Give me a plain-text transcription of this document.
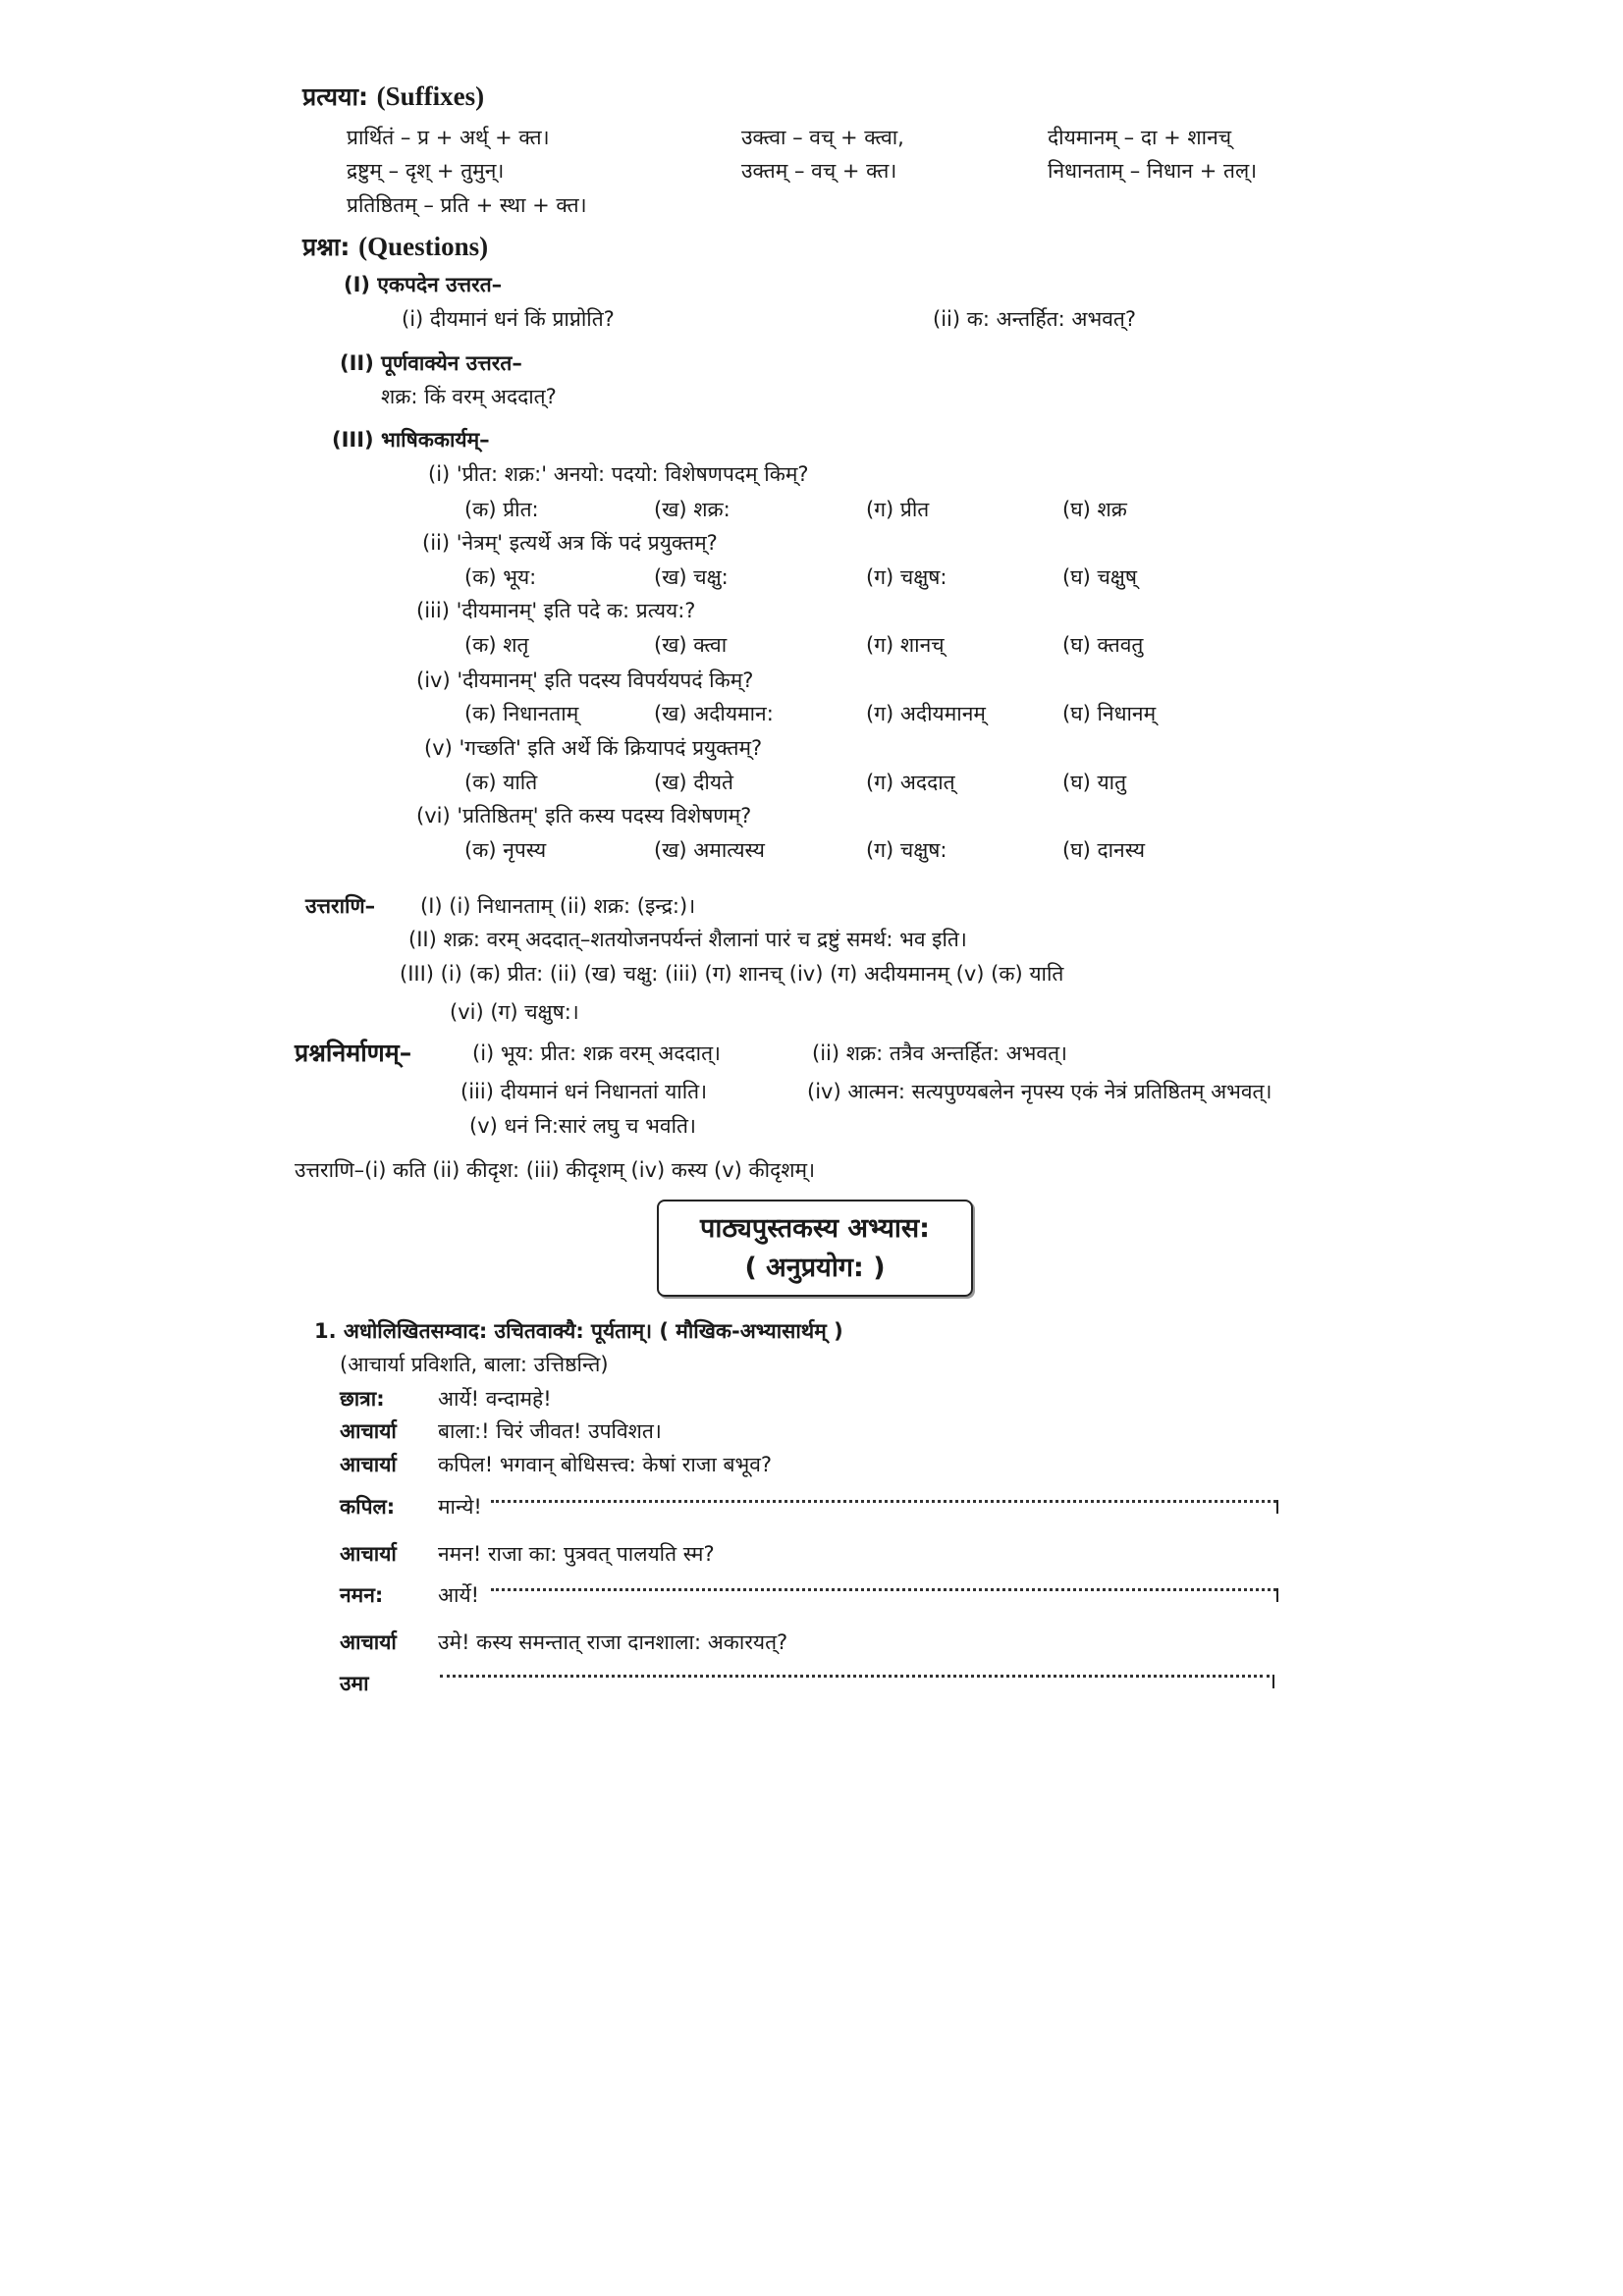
प्रत्यया: (Suffixes)
प्रार्थितं – प्र + अर्थ् + क्त।	उक्त्वा – वच् + क्त्वा,	दीयमानम् – दा + शानच्
द्रष्टुम् – दृश् + तुमुन्।	उक्तम् – वच् + क्त।	निधानताम् – निधान + तल्।
प्रतिष्ठितम् – प्रति + स्था + क्त।
प्रश्ना: (Questions)
(I) एकपदेन उत्तरत–
(i) दीयमानं धनं किं प्राप्नोति?	(ii) क: अन्तर्हित: अभवत्?
(II) पूर्णवाक्येन उत्तरत–
शक्र: किं वरम् अददात्?
(III) भाषिककार्यम्–
(i) 'प्रीत: शक्र:' अनयो: पदयो: विशेषणपदम् किम्?
(क) प्रीत:	(ख) शक्र:	(ग) प्रीत	(घ) शक्र
(ii) 'नेत्रम्' इत्यर्थे अत्र किं पदं प्रयुक्तम्?
(क) भूय:	(ख) चक्षु:	(ग) चक्षुष:	(घ) चक्षुष्
(iii) 'दीयमानम्' इति पदे क: प्रत्यय:?
(क) शतृ	(ख) क्त्वा	(ग) शानच्	(घ) क्तवतु
(iv) 'दीयमानम्' इति पदस्य विपर्ययपदं किम्?
(क) निधानताम्	(ख) अदीयमान:	(ग) अदीयमानम्	(घ) निधानम्
(v) 'गच्छति' इति अर्थे किं क्रियापदं प्रयुक्तम्?
(क) याति	(ख) दीयते	(ग) अददात्	(घ) यातु
(vi) 'प्रतिष्ठितम्' इति कस्य पदस्य विशेषणम्?
(क) नृपस्य	(ख) अमात्यस्य	(ग) चक्षुष:	(घ) दानस्य
उत्तराणि– (I) (i) निधानताम् (ii) शक्र: (इन्द्र:)।
(II) शक्र: वरम् अददात्–शतयोजनपर्यन्तं शैलानां पारं च द्रष्टुं समर्थ: भव इति।
(III) (i) (क) प्रीत: (ii) (ख) चक्षु: (iii) (ग) शानच् (iv) (ग) अदीयमानम् (v) (क) याति
(vi) (ग) चक्षुष:।
प्रश्ननिर्माणम्–	(i) भूय: प्रीत: शक्र वरम् अददात्।	(ii) शक्र: तत्रैव अन्तर्हित: अभवत्।
(iii) दीयमानं धनं निधानतां याति।	(iv) आत्मन: सत्यपुण्यबलेन नृपस्य एकं नेत्रं प्रतिष्ठितम् अभवत्।
(v) धनं नि:सारं लघु च भवति।
उत्तराणि–(i) कति (ii) कीदृश: (iii) कीदृशम् (iv) कस्य (v) कीदृशम्।
पाठ्यपुस्तकस्य अभ्यास:
( अनुप्रयोग: )
1. अधोलिखितसम्वाद: उचितवाक्यै: पूर्यताम्। ( मौखिक-अभ्यासार्थम् )
(आचार्या प्रविशति, बाला: उत्तिष्ठन्ति)
छात्रा:	आर्ये! वन्दामहे!
आचार्या बाला:! चिरं जीवत! उपविशत।
आचार्या कपिल! भगवान् बोधिसत्त्व: केषां राजा बभूव?
कपिल: मान्ये!
आचार्या नमन! राजा का: पुत्रवत् पालयति स्म?
नमन:	आर्ये!
आचार्या उमे! कस्य समन्तात् राजा दानशाला: अकारयत्?
उमा
